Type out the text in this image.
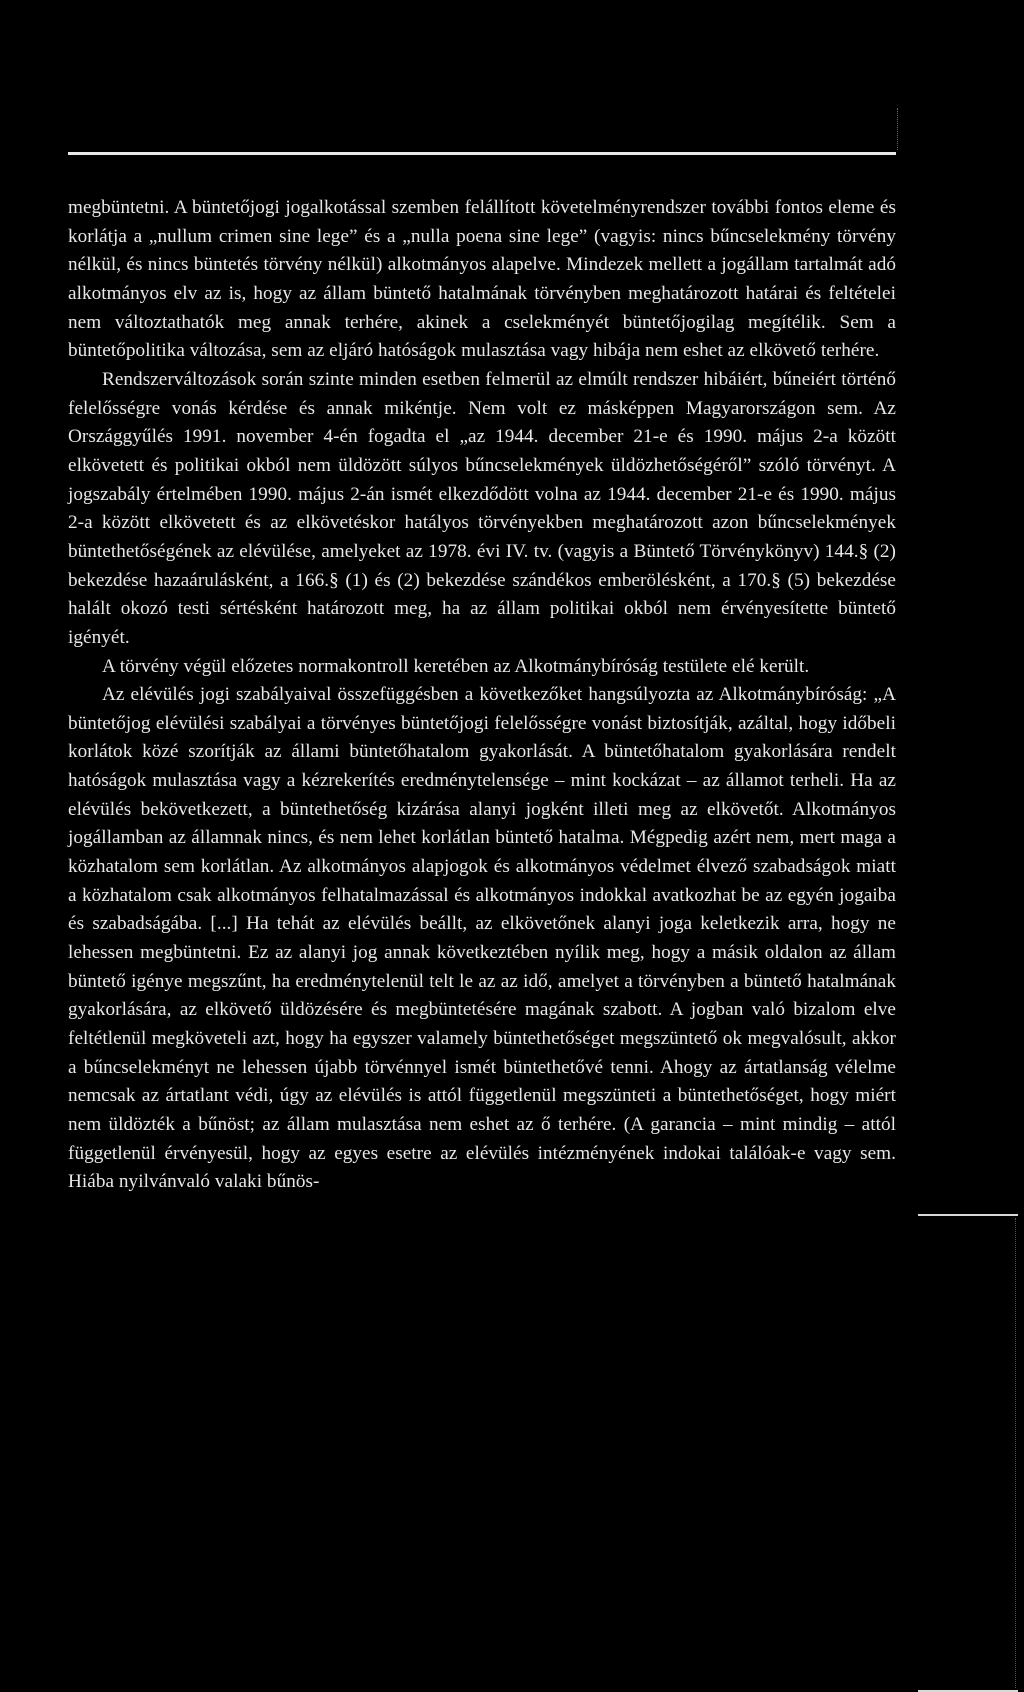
megbüntetni. A büntetőjogi jogalkotással szemben felállított követelményrendszer további fontos eleme és korlátja a „nullum crimen sine lege” és a „nulla poena sine lege” (vagyis: nincs bűncselekmény törvény nélkül, és nincs büntetés törvény nélkül) alkotmányos alapelve. Mindezek mellett a jogállam tartalmát adó alkotmányos elv az is, hogy az állam büntető hatalmának törvényben meghatározott határai és feltételei nem változtathatók meg annak terhére, akinek a cselekményét büntetőjogilag megítélik. Sem a büntetőpolitika változása, sem az eljáró hatóságok mulasztása vagy hibája nem eshet az elkövető terhére.

Rendszerváltozások során szinte minden esetben felmerül az elmúlt rendszer hibáiért, bűneiért történő felelősségre vonás kérdése és annak mikéntje. Nem volt ez másképpen Magyarországon sem. Az Országgyűlés 1991. november 4-én fogadta el „az 1944. december 21-e és 1990. május 2-a között elkövetett és politikai okból nem üldözött súlyos bűncselekmények üldözhetőségéről” szóló törvényt. A jogszabály értelmében 1990. május 2-án ismét elkezdődött volna az 1944. december 21-e és 1990. május 2-a között elkövetett és az elkövetéskor hatályos törvényekben meghatározott azon bűncselekmények büntethetőségének az elévülése, amelyeket az 1978. évi IV. tv. (vagyis a Büntető Törvénykönyv) 144.§ (2) bekezdése hazaárulásként, a 166.§ (1) és (2) bekezdése szándékos emberölésként, a 170.§ (5) bekezdése halált okozó testi sértésként határozott meg, ha az állam politikai okból nem érvényesítette büntető igényét.

A törvény végül előzetes normakontroll keretében az Alkotmánybíróság testülete elé került.

Az elévülés jogi szabályaival összefüggésben a következőket hangsúlyozta az Alkotmánybíróság: „A büntetőjog elévülési szabályai a törvényes büntetőjogi felelősségre vonást biztosítják, azáltal, hogy időbeli korlátok közé szorítják az állami büntetőhatalom gyakorlását. A büntetőhatalom gyakorlására rendelt hatóságok mulasztása vagy a kézrekerítés eredménytelensége – mint kockázat – az államot terheli. Ha az elévülés bekövetkezett, a büntethetőség kizárása alanyi jogként illeti meg az elkövetőt. Alkotmányos jogállamban az államnak nincs, és nem lehet korlátlan büntető hatalma. Mégpedig azért nem, mert maga a közhatalom sem korlátlan. Az alkotmányos alapjogok és alkotmányos védelmet élvező szabadságok miatt a közhatalom csak alkotmányos felhatalmazással és alkotmányos indokkal avatkozhat be az egyén jogaiba és szabadságába. [...] Ha tehát az elévülés beállt, az elkövetőnek alanyi joga keletkezik arra, hogy ne lehessen megbüntetni. Ez az alanyi jog annak következtében nyílik meg, hogy a másik oldalon az állam büntető igénye megszűnt, ha eredménytelenül telt le az az idő, amelyet a törvényben a büntető hatalmának gyakorlására, az elkövető üldözésére és megbüntetésére magának szabott. A jogban való bizalom elve feltétlenül megköveteli azt, hogy ha egyszer valamely büntethetőséget megszüntető ok megvalósult, akkor a bűncselekményt ne lehessen újabb törvénnyel ismét büntethetővé tenni. Ahogy az ártatlanság vélelme nemcsak az ártatlant védi, úgy az elévülés is attól függetlenül megszünteti a büntethetőséget, hogy miért nem üldözték a bűnöst; az állam mulasztása nem eshet az ő terhére. (A garancia – mint mindig – attól függetlenül érvényesül, hogy az egyes esetre az elévülés intézményének indokai találóak-e vagy sem. Hiába nyilvánvaló valaki bűnös-
